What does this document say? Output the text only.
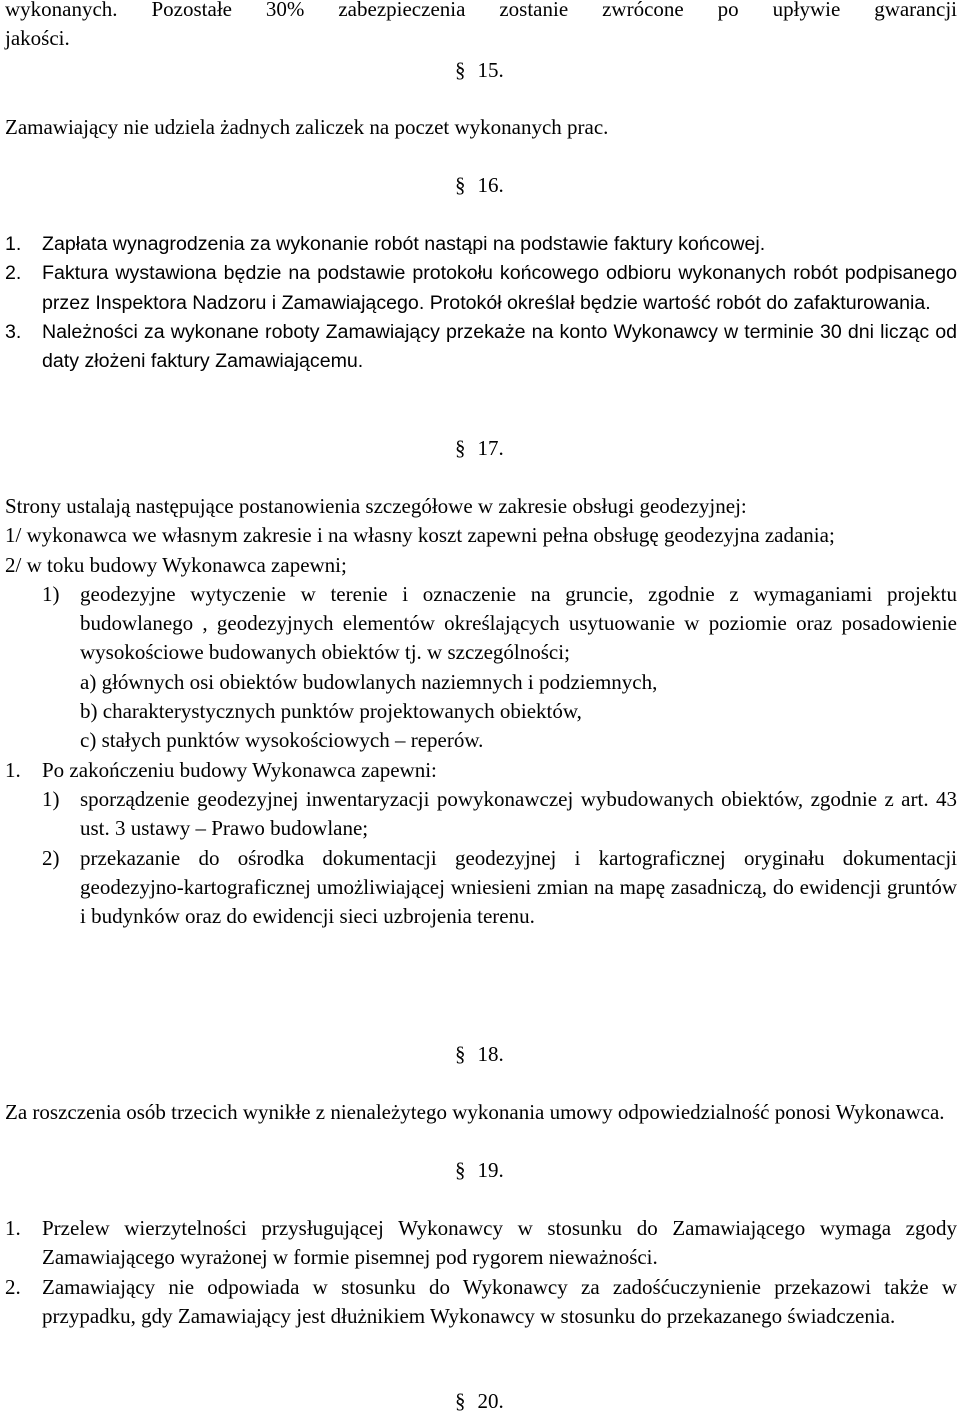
wykonanych. Pozostałe 30% zabezpieczenia zostanie zwrócone po upływie gwarancji

jakości.

§ 15.

Zamawiający nie udziela żadnych zaliczek na poczet wykonanych prac.

§ 16.

1. Zapłata wynagrodzenia za wykonanie robót nastąpi na podstawie faktury końcowej.
2. Faktura wystawiona będzie na podstawie protokołu końcowego odbioru wykonanych robót podpisanego przez Inspektora Nadzoru i Zamawiającego. Protokół określał będzie wartość robót do zafakturowania.
3. Należności za wykonane roboty Zamawiający przekaże na konto Wykonawcy w terminie 30 dni licząc od daty złożeni faktury Zamawiającemu.

§ 17.

Strony ustalają następujące postanowienia szczegółowe w zakresie obsługi geodezyjnej:

1/ wykonawca we własnym zakresie i na własny koszt zapewni pełna obsługę geodezyjna zadania;

2/ w toku budowy Wykonawca zapewni;

1) geodezyjne wytyczenie w terenie i oznaczenie na gruncie, zgodnie z wymaganiami projektu budowlanego , geodezyjnych elementów określających usytuowanie w poziomie oraz posadowienie wysokościowe budowanych obiektów tj. w szczególności;

a) głównych osi obiektów budowlanych naziemnych i podziemnych,

b) charakterystycznych punktów projektowanych obiektów,

c) stałych punktów wysokościowych – reperów.

1. Po zakończeniu budowy Wykonawca zapewni:
1) sporządzenie geodezyjnej inwentaryzacji powykonawczej wybudowanych obiektów, zgodnie z art. 43 ust. 3 ustawy – Prawo budowlane;
2) przekazanie do ośrodka dokumentacji geodezyjnej i kartograficznej oryginału dokumentacji geodezyjno-kartograficznej umożliwiającej wniesieni zmian na mapę zasadniczą, do ewidencji gruntów i budynków oraz do ewidencji sieci uzbrojenia terenu.

§ 18.

Za roszczenia osób trzecich wynikłe z nienależytego wykonania umowy odpowiedzialność ponosi Wykonawca.

§ 19.

1. Przelew wierzytelności przysługującej Wykonawcy w stosunku do Zamawiającego wymaga zgody Zamawiającego wyrażonej w formie pisemnej pod rygorem nieważności.
2. Zamawiający nie odpowiada w stosunku do Wykonawcy za zadośćuczynienie przekazowi także w przypadku, gdy Zamawiający jest dłużnikiem Wykonawcy w stosunku do przekazanego świadczenia.

§ 20.
